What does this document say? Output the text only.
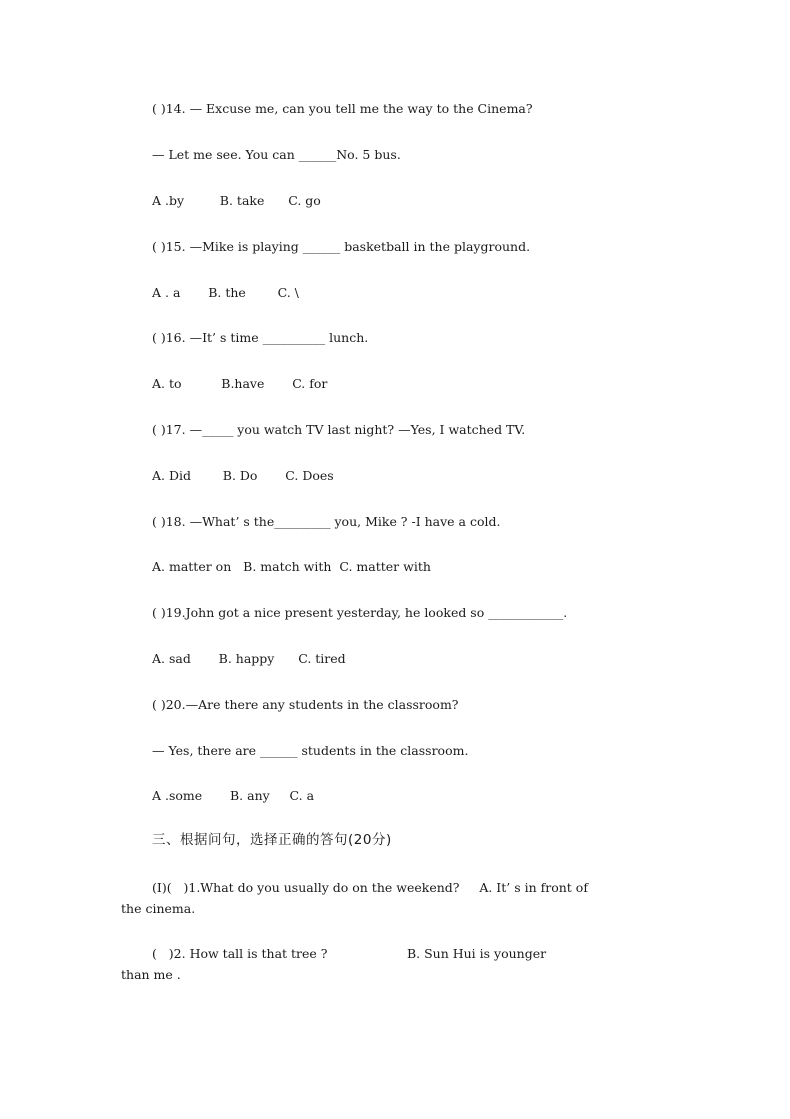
( )14. — Excuse me, can you tell me the way to the Cinema?

— Let me see. You can ______No. 5 bus.

A .by         B. take      C. go

( )15. —Mike is playing ______ basketball in the playground.

A . a       B. the        C. \

( )16. —It’ s time __________ lunch.

A. to          B.have       C. for

( )17. —_____ you watch TV last night? —Yes, I watched TV.

A. Did        B. Do       C. Does

( )18. —What’ s the_________ you, Mike ? -I have a cold.

A. matter on   B. match with  C. matter with

( )19.John got a nice present yesterday, he looked so ____________.

A. sad       B. happy      C. tired

( )20.—Are there any students in the classroom?

— Yes, there are ______ students in the classroom.

A .some       B. any     C. a

三、根据问句，选择正确的答句(20分)

(I)(   )1.What do you usually do on the weekend?     A. It’ s in front of

the cinema.

(   )2. How tall is that tree ?                    B. Sun Hui is younger

than me .
